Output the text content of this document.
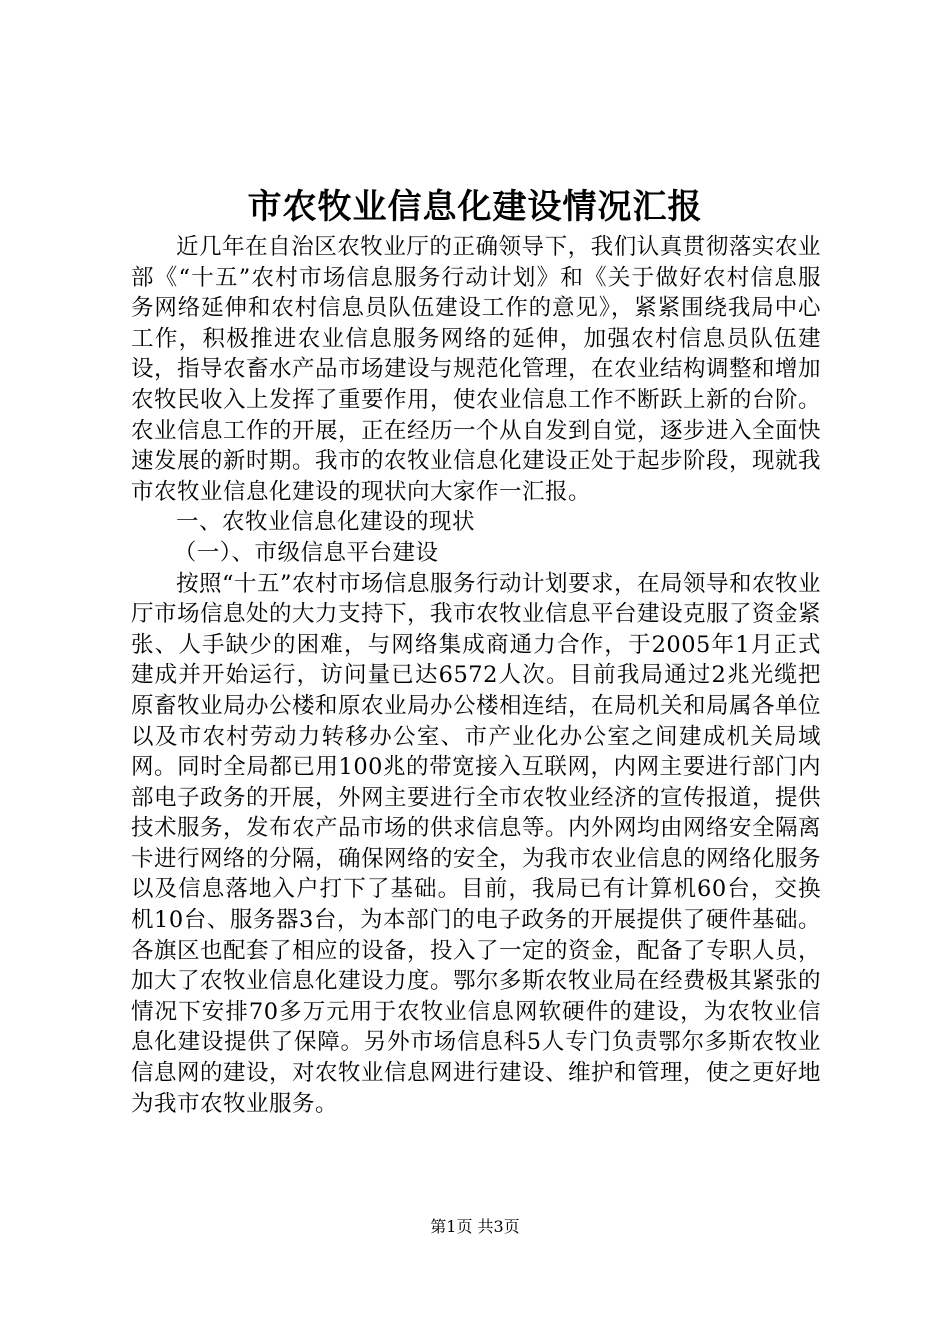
市农牧业信息化建设情况汇报

近几年在自治区农牧业厅的正确领导下，我们认真贯彻落实农业部《“十五”农村市场信息服务行动计划》和《关于做好农村信息服务网络延伸和农村信息员队伍建设工作的意见》，紧紧围绕我局中心工作，积极推进农业信息服务网络的延伸，加强农村信息员队伍建设，指导农畜水产品市场建设与规范化管理，在农业结构调整和增加农牧民收入上发挥了重要作用，使农业信息工作不断跃上新的台阶。农业信息工作的开展，正在经历一个从自发到自觉，逐步进入全面快速发展的新时期。我市的农牧业信息化建设正处于起步阶段，现就我市农牧业信息化建设的现状向大家作一汇报。

一、农牧业信息化建设的现状

（一）、市级信息平台建设

按照“十五”农村市场信息服务行动计划要求，在局领导和农牧业厅市场信息处的大力支持下，我市农牧业信息平台建设克服了资金紧张、人手缺少的困难，与网络集成商通力合作，于2005年1月正式建成并开始运行，访问量已达6572人次。目前我局通过2兆光缆把原畜牧业局办公楼和原农业局办公楼相连结，在局机关和局属各单位以及市农村劳动力转移办公室、市产业化办公室之间建成机关局域网。同时全局都已用100兆的带宽接入互联网，内网主要进行部门内部电子政务的开展，外网主要进行全市农牧业经济的宣传报道，提供技术服务，发布农产品市场的供求信息等。内外网均由网络安全隔离卡进行网络的分隔，确保网络的安全，为我市农业信息的网络化服务以及信息落地入户打下了基础。目前，我局已有计算机60台，交换机10台、服务器3台，为本部门的电子政务的开展提供了硬件基础。各旗区也配套了相应的设备，投入了一定的资金，配备了专职人员，加大了农牧业信息化建设力度。鄂尔多斯农牧业局在经费极其紧张的情况下安排70多万元用于农牧业信息网软硬件的建设，为农牧业信息化建设提供了保障。另外市场信息科5人专门负责鄂尔多斯农牧业信息网的建设，对农牧业信息网进行建设、维护和管理，使之更好地为我市农牧业服务。

第1页 共3页
